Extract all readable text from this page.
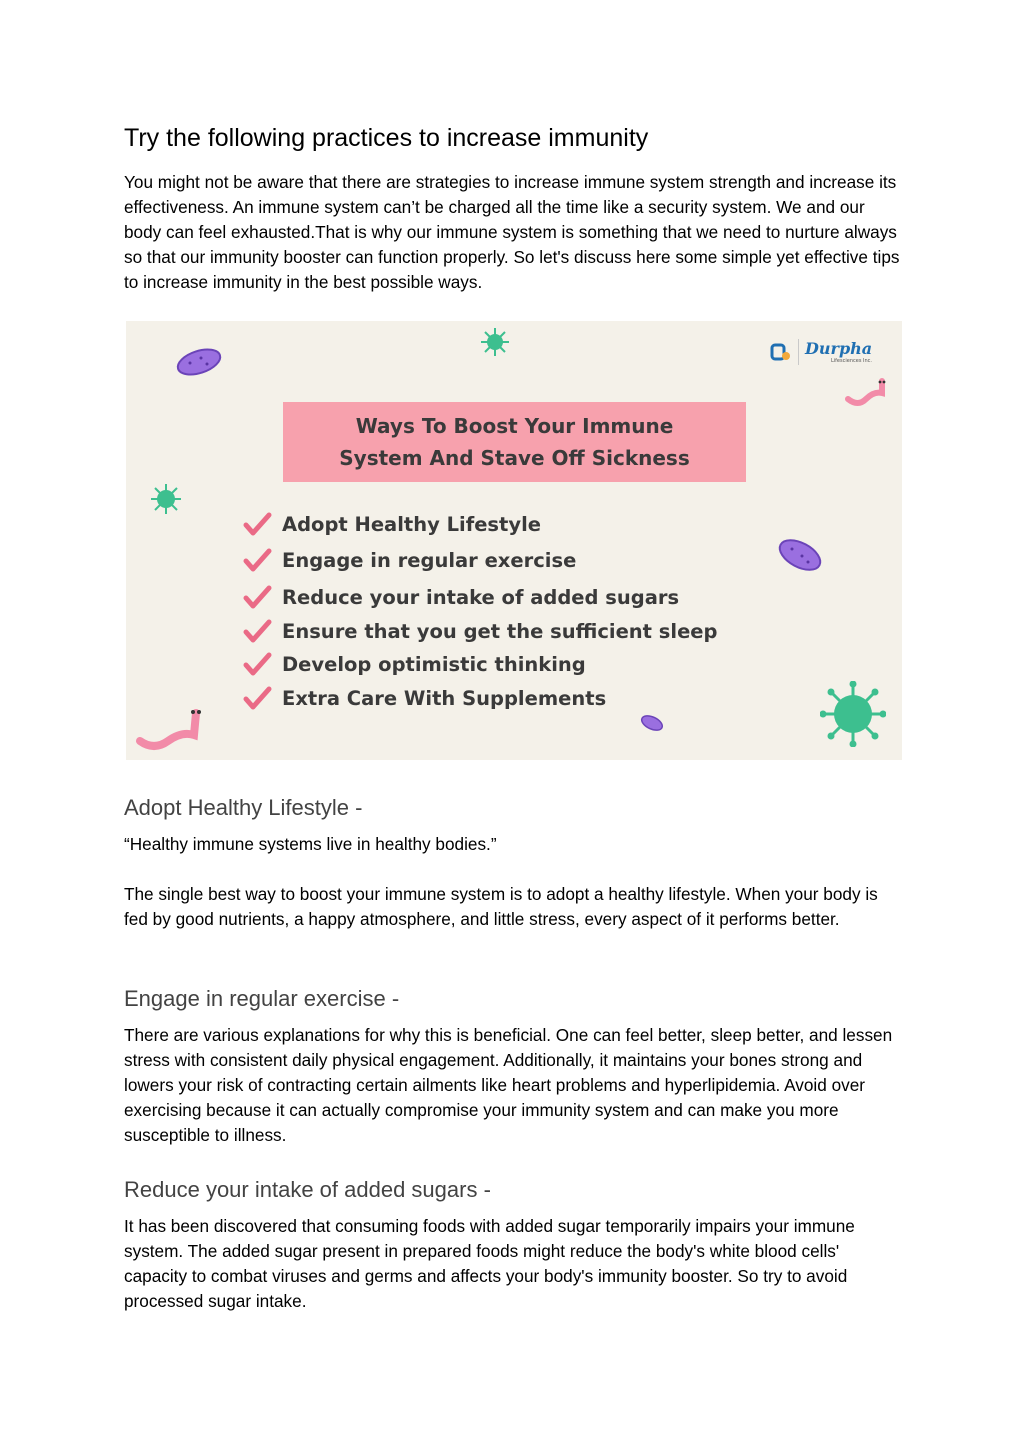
Try the following practices to increase immunity

You might not be aware that there are strategies to increase immune system strength and increase its effectiveness. An immune system can’t be charged all the time like a security system. We and our body can feel exhausted.That is why our immune system is something that we need to nurture always so that our immunity booster can function properly. So let's discuss here some simple yet effective tips to increase immunity in the best possible ways.

Durpha
Lifesciences Inc.
Ways To Boost Your Immune
System And Stave Off Sickness
Adopt Healthy Lifestyle
Engage in regular exercise
Reduce your intake of added sugars
Ensure that you get the sufficient sleep
Develop optimistic thinking
Extra Care With Supplements
Adopt Healthy Lifestyle -

“Healthy immune systems live in healthy bodies.”

The single best way to boost your immune system is to adopt a healthy lifestyle. When your body is fed by good nutrients, a happy atmosphere, and little stress, every aspect of it performs better.

Engage in regular exercise -

There are various explanations for why this is beneficial. One can feel better, sleep better, and lessen stress with consistent daily physical engagement. Additionally, it maintains your bones strong and lowers your risk of contracting certain ailments like heart problems and hyperlipidemia. Avoid over exercising because it can actually compromise your immunity system and can make you more susceptible to illness.

Reduce your intake of added sugars -

It has been discovered that consuming foods with added sugar temporarily impairs your immune system. The added sugar present in prepared foods might reduce the body's white blood cells' capacity to combat viruses and germs and affects your body's immunity booster. So try to avoid processed sugar intake.
